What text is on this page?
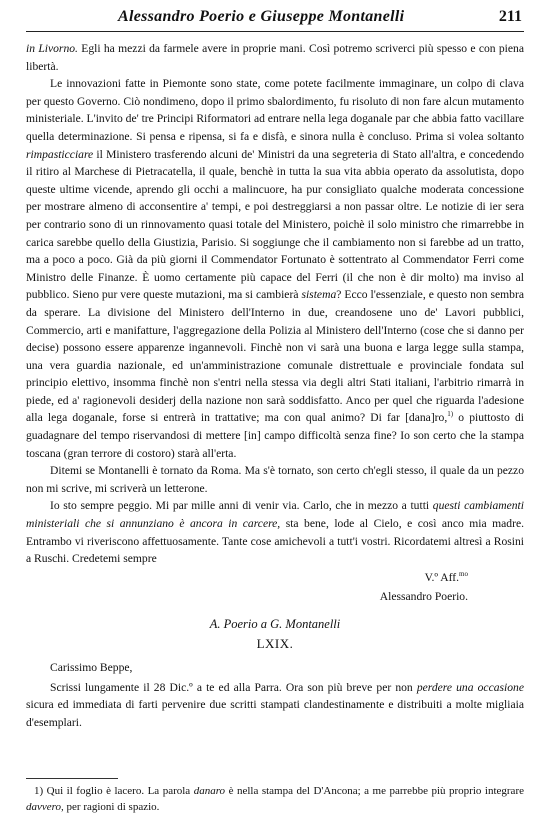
Alessandro Poerio e Giuseppe Montanelli	211

in Livorno. Egli ha mezzi da farmele avere in proprie mani. Così potremo scriverci più spesso e con piena libertà.

Le innovazioni fatte in Piemonte sono state, come potete facilmente immaginare, un colpo di clava per questo Governo. Ciò nondimeno, dopo il primo sbalordimento, fu risoluto di non fare alcun mutamento ministeriale. L'invito de' tre Principi Riformatori ad entrare nella lega doganale par che abbia fatto vacillare quella determinazione. Si pensa e ripensa, si fa e disfà, e sinora nulla è concluso. Prima si volea soltanto rimpasticciare il Ministero trasferendo alcuni de' Ministri da una segreteria di Stato all'altra, e concedendo il ritiro al Marchese di Pietracatella, il quale, benchè in tutta la sua vita abbia operato da assolutista, dopo queste ultime vicende, aprendo gli occhi a malincuore, ha pur consigliato qualche moderata concessione per mostrare almeno di acconsentire a' tempi, e poi destreggiarsi a non passar oltre. Le notizie di ier sera per contrario sono di un rinnovamento quasi totale del Ministero, poichè il solo ministro che rimarrebbe in carica sarebbe quello della Giustizia, Parisio. Si soggiunge che il cambiamento non si farebbe ad un tratto, ma a poco a poco. Già da più giorni il Commendator Fortunato è sottentrato al Commendator Ferri come Ministro delle Finanze. È uomo certamente più capace del Ferri (il che non è dir molto) ma inviso al pubblico. Sieno pur vere queste mutazioni, ma si cambierà sistema? Ecco l'essenziale, e questo non sembra da sperare. La divisione del Ministero dell'Interno in due, creandosene uno de' Lavori pubblici, Commercio, arti e manifatture, l'aggregazione della Polizia al Ministero dell'Interno (cose che si danno per decise) possono essere apparenze ingannevoli. Finchè non vi sarà una buona e larga legge sulla stampa, una vera guardia nazionale, ed un'amministrazione comunale distrettuale e provinciale fondata sul principio elettivo, insomma finchè non s'entri nella stessa via degli altri Stati italiani, l'arbitrio rimarrà in piede, ed a' ragionevoli desiderj della nazione non sarà soddisfatto. Anco per quel che riguarda l'adesione alla lega doganale, forse si entrerà in trattative; ma con qual animo? Di far [dana]ro,$^{1)}$ o piuttosto di guadagnare del tempo riservandosi di mettere [in] campo difficoltà senza fine? Io son certo che la stampa toscana (gran terrore di costoro) starà all'erta.

Ditemi se Montanelli è tornato da Roma. Ma s'è tornato, son certo ch'egli stesso, il quale da un pezzo non mi scrive, mi scriverà un letterone.

Io sto sempre peggio. Mi par mille anni di venir via. Carlo, che in mezzo a tutti questi cambiamenti ministeriali che si annunziano è ancora in carcere, sta bene, lode al Cielo, e così anco mia madre. Entrambo vi riveriscono affettuosamente. Tante cose amichevoli a tutt'i vostri. Ricordatemi altresì a Rosini a Ruschi. Credetemi sempre

V.º Aff.$^{mo}$
Alessandro Poerio.
A. Poerio a G. Montanelli
LXIX.
Carissimo Beppe,

Scrissi lungamente il 28 Dic.º a te ed alla Parra. Ora son più breve per non perdere una occasione sicura ed immediata di farti pervenire due scritti stampati clandestinamente e distribuiti a molte migliaia d'esemplari.

1) Qui il foglio è lacero. La parola danaro è nella stampa del D'Ancona; a me parrebbe più proprio integrare davvero, per ragioni di spazio.
